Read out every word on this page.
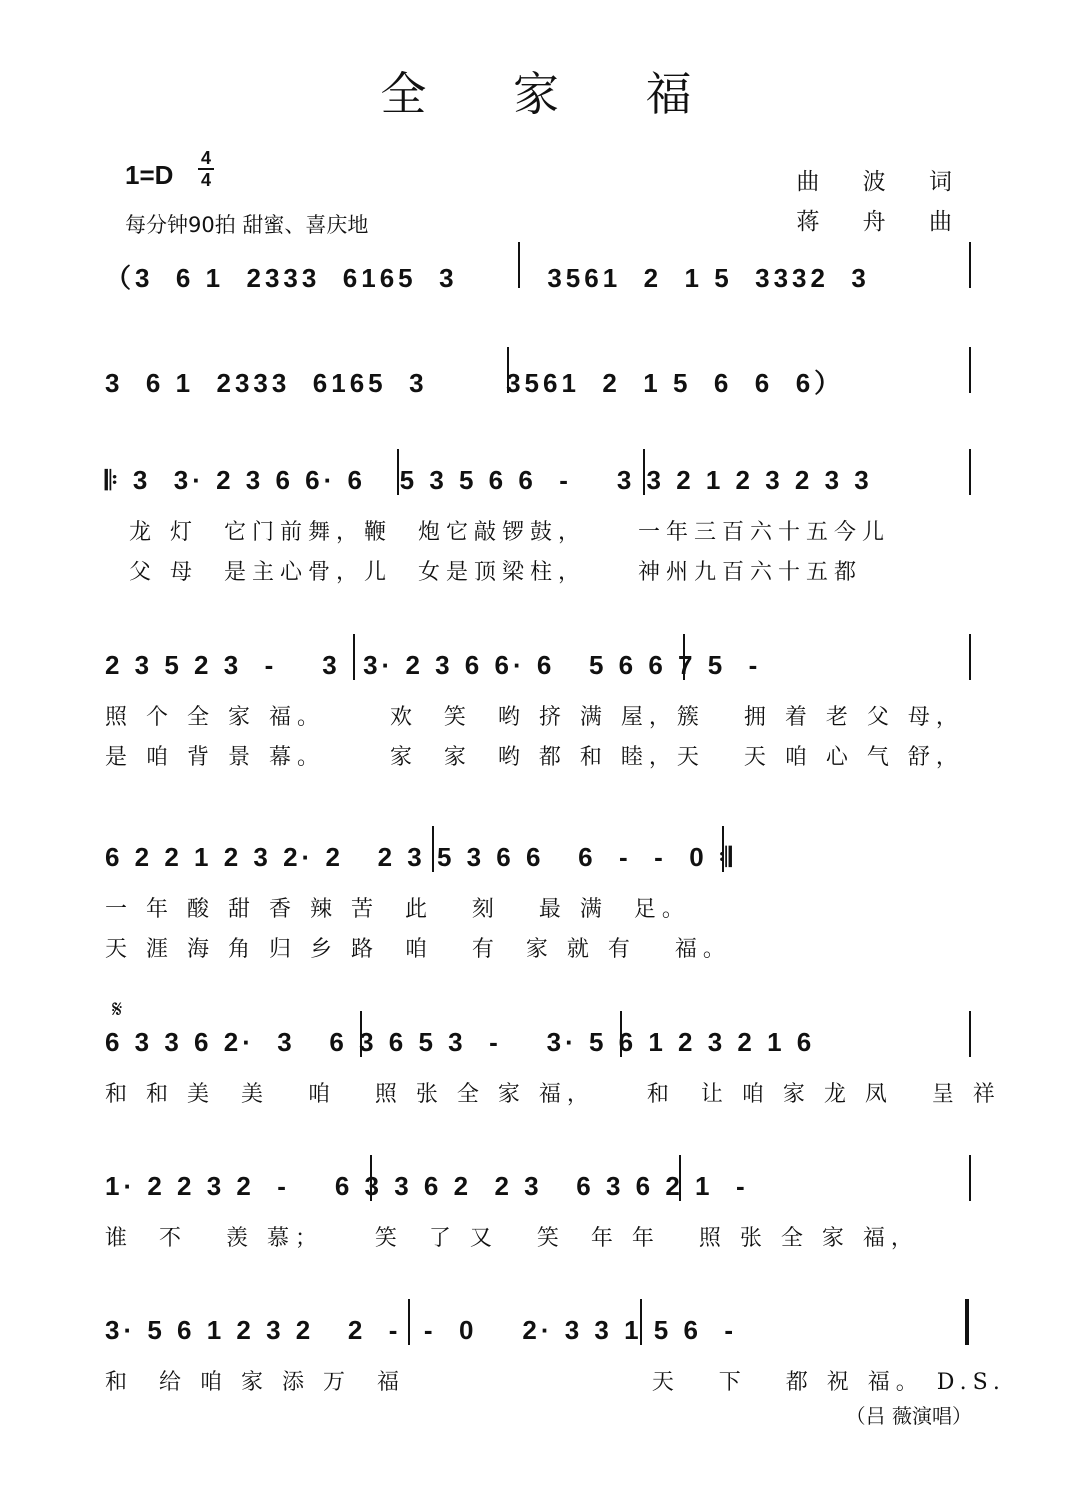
全 家 福
1=D
4
4
每分钟90拍 甜蜜、喜庆地
曲 波 词
蒋 舟 曲
（3  6 1  2333  6165  3        3561  2  1 5  3332  3
3  6 1  2333  6165  3       3561  2  1 5  6  6  6）
𝄆 3  3· 2 3 6 6· 6   5 3 5 6 6  -    3 3 2 1 2 3 2 3 3
龙 灯  它门前舞，鞭  炮它敲锣鼓，    一年三百六十五今儿
父 母  是主心骨，儿  女是顶梁柱，    神州九百六十五都
2 3 5 2 3  -    3  3· 2 3 6 6· 6   5 6 6 7 5  -
照 个 全 家 福。     欢  笑  哟 挤 满 屋，簇   拥 着 老 父 母，
是 咱 背 景 幕。     家  家  哟 都 和 睦，天   天 咱 心 气 舒，
6 2 2 1 2 3 2· 2   2 3 5 3 6 6   6  -  -  0 𝄇
一 年 酸 甜 香 辣 苦  此   刻   最 满  足。
天 涯 海 角 归 乡 路  咱   有  家 就 有   福。
𝄋
6 3 3 6 2·  3   6 3 6 5 3  -    3· 5 6 1 2 3 2 1 6
和 和 美  美   咱   照 张 全 家 福，    和  让 咱 家 龙 凤   呈 祥
1· 2 2 3 2  -    6 3 3 6 2  2 3   6 3 6 2 1  -
谁  不   羡 慕；    笑  了 又   笑  年 年   照 张 全 家 福，
3· 5 6 1 2 3 2   2  -  -  0    2· 3 3 1 5 6  -
和  给 咱 家 添 万  福                   天   下   都 祝 福。 D.S.
（吕 薇演唱）
